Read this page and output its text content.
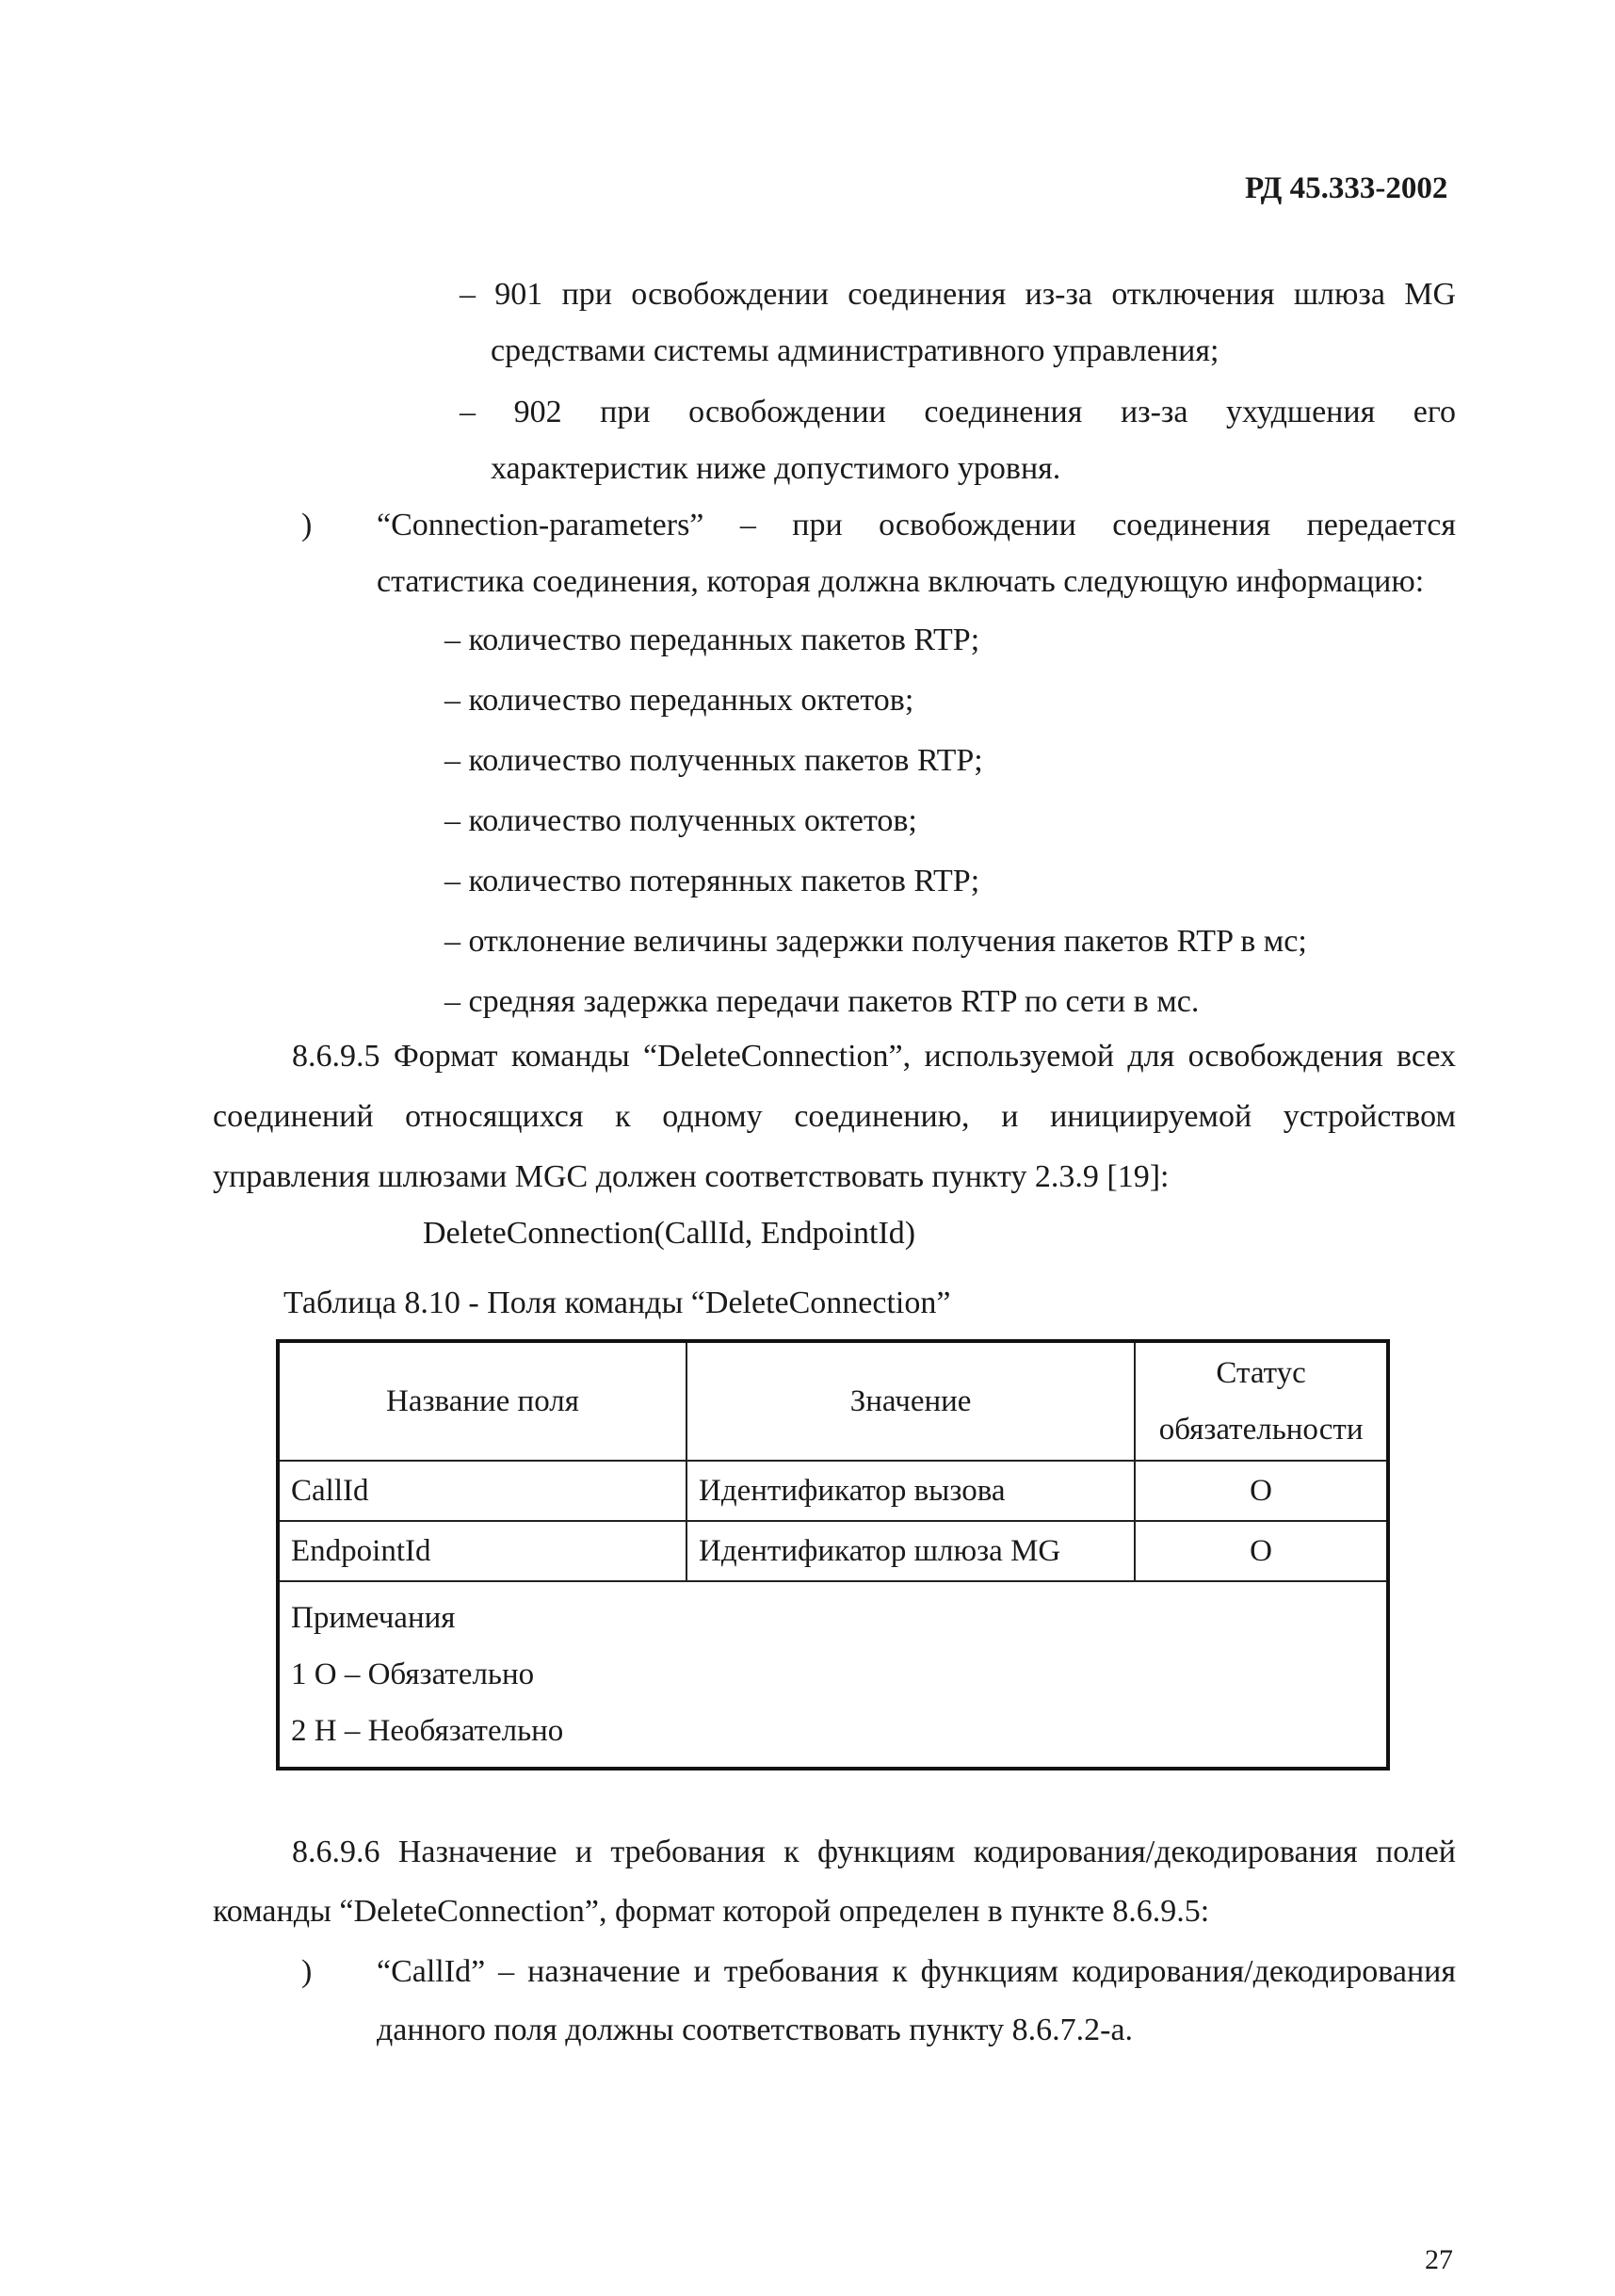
РД 45.333-2002
– 901 при освобождении соединения из-за отключения шлюза MG
средствами системы административного управления;
– 902 при освобождении соединения из-за ухудшения его
характеристик ниже допустимого уровня.
) “Connection-parameters” – при освобождении соединения передается
статистика соединения, которая должна включать следующую информацию:
– количество переданных пакетов RTP;
– количество переданных октетов;
– количество полученных пакетов RTP;
– количество полученных октетов;
– количество потерянных пакетов RTP;
– отклонение величины задержки получения пакетов RTP в мс;
– средняя задержка передачи пакетов RTP по сети в мс.
8.6.9.5 Формат команды “DeleteConnection”, используемой для освобождения всех
соединений относящихся к одному соединению, и инициируемой устройством
управления шлюзами MGC должен соответствовать пункту 2.3.9 [19]:
DeleteConnection(CallId, EndpointId)
Таблица 8.10 - Поля команды “DeleteConnection”
Название поля	Значение	Статус
обязательности

CallId	Идентификатор вызова	О
EndpointId	Идентификатор шлюза MG	О

Примечания
1 О – Обязательно
2 Н – Необязательно		
8.6.9.6 Назначение и требования к функциям кодирования/декодирования полей
команды “DeleteConnection”, формат которой определен в пункте 8.6.9.5:
) “CallId” – назначение и требования к функциям кодирования/декодирования
данного поля должны соответствовать пункту 8.6.7.2-а.
27
